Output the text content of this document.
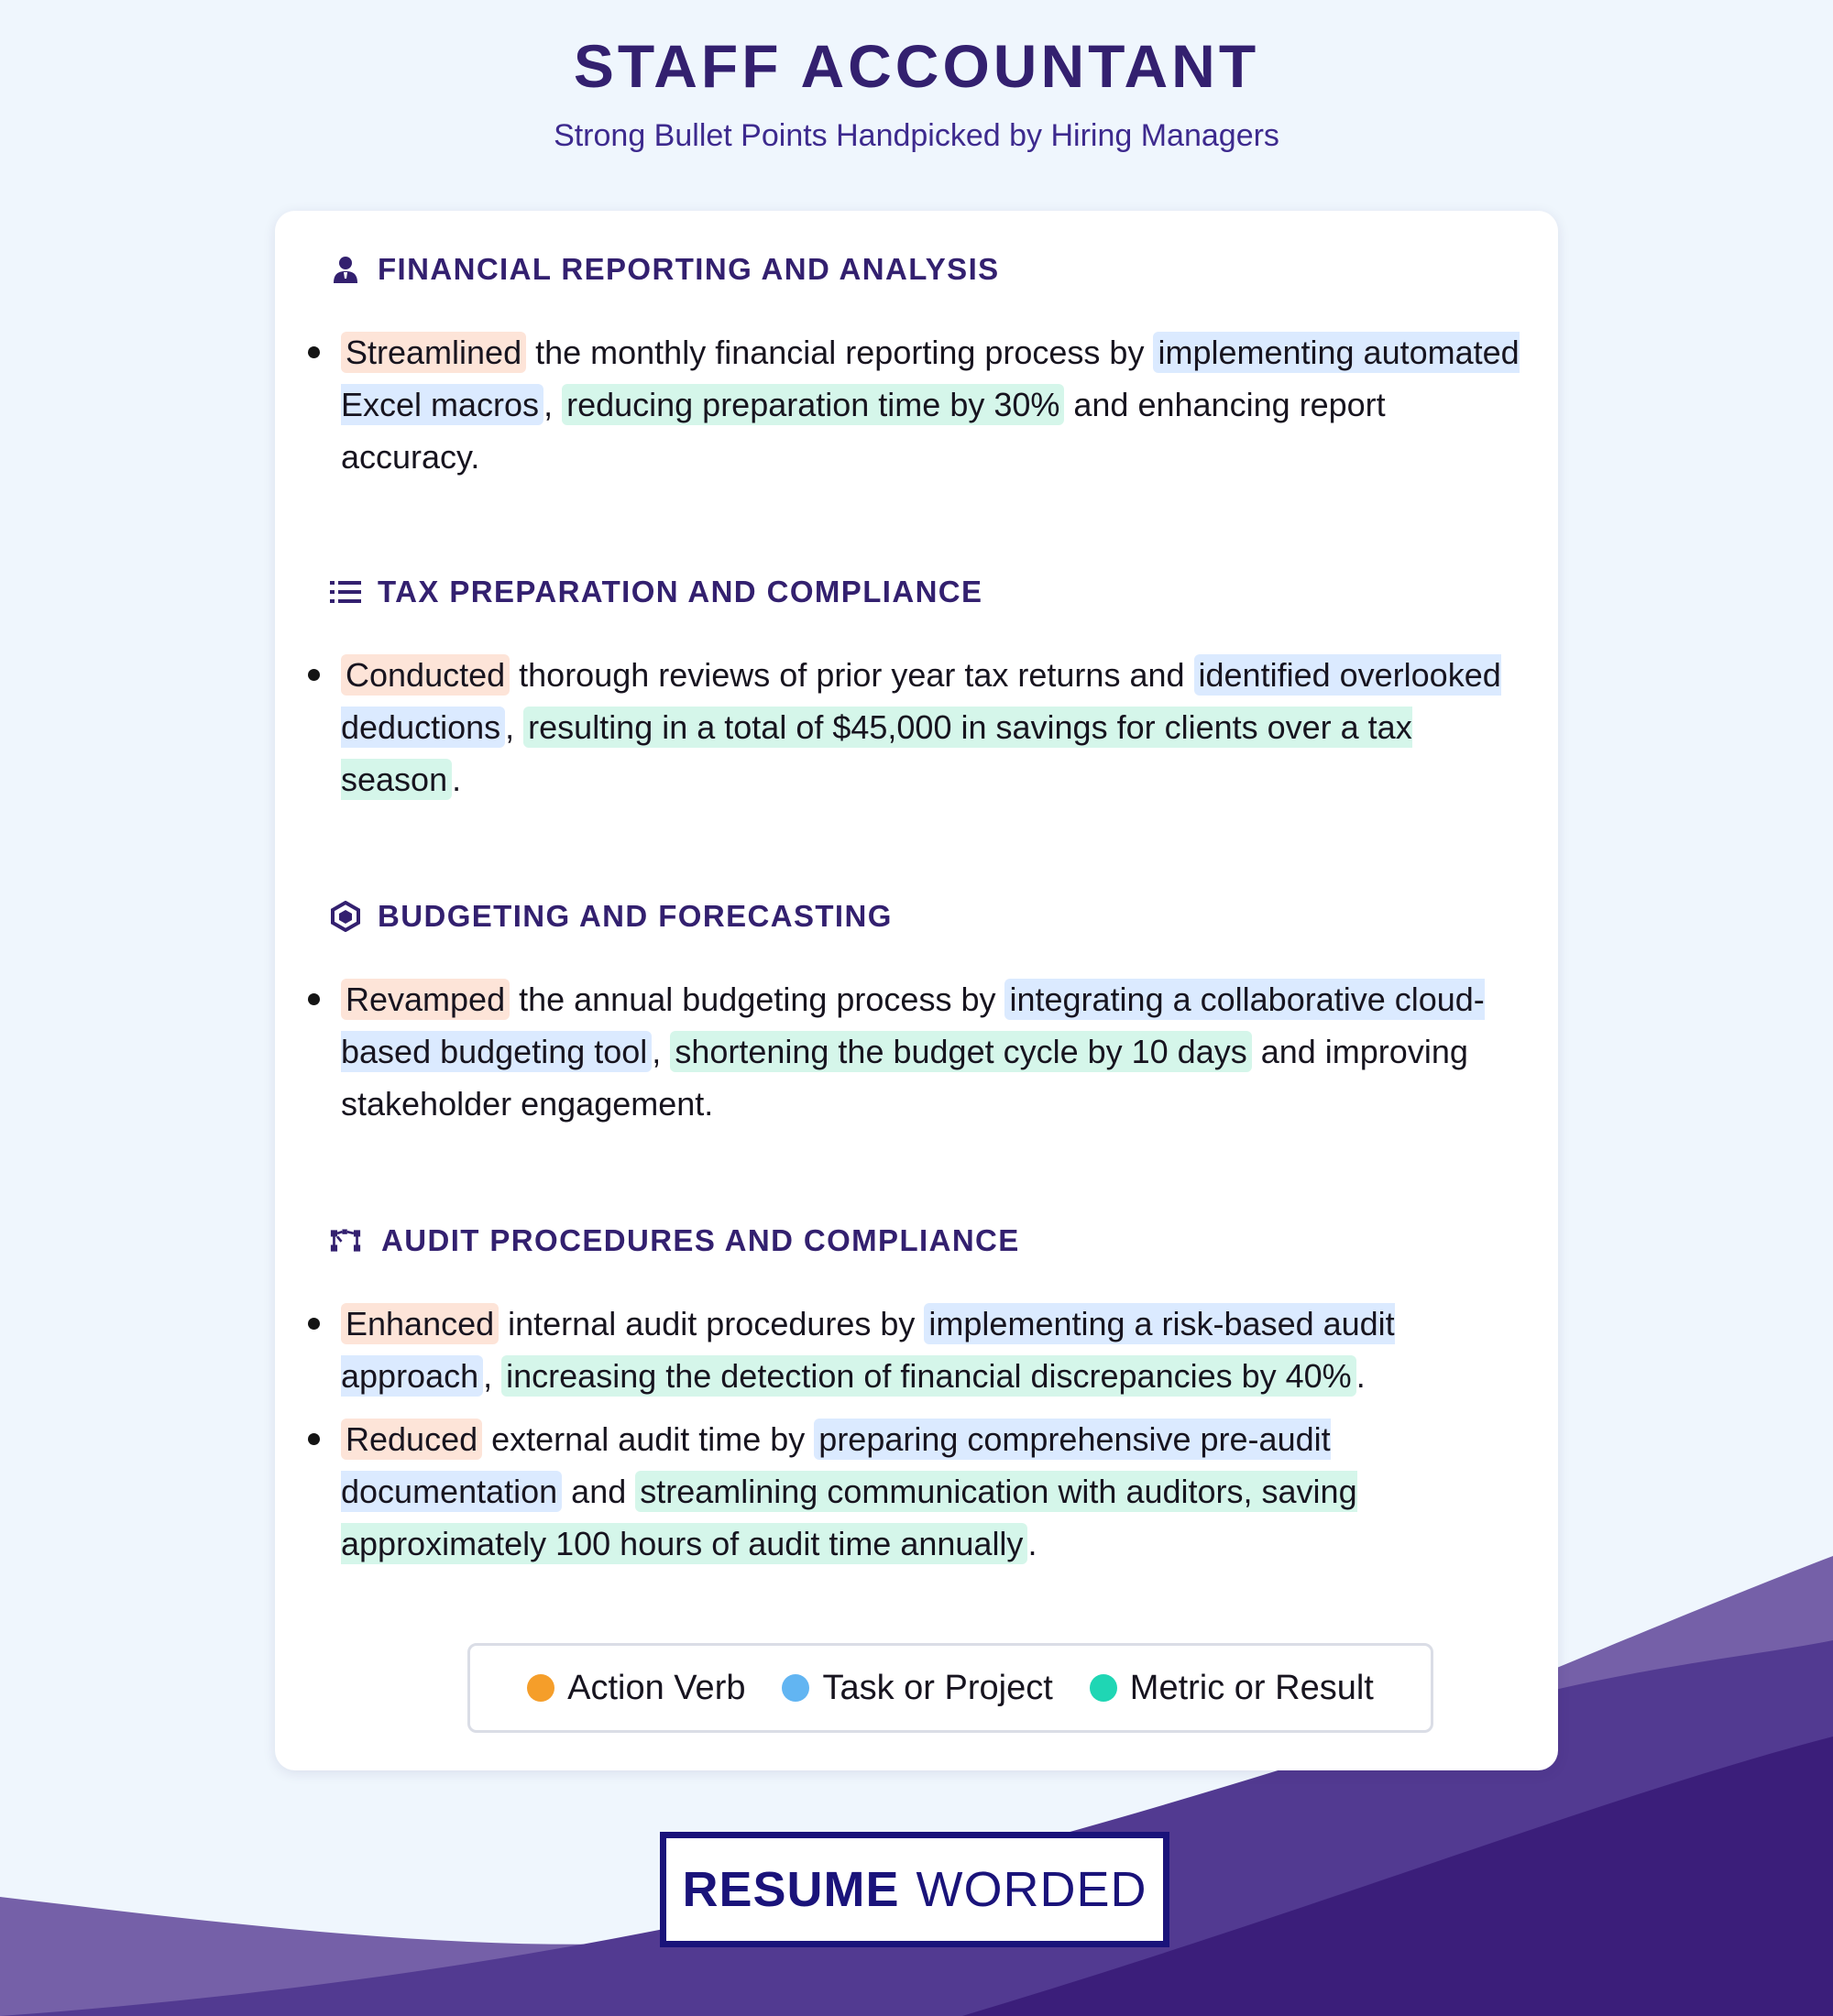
STAFF ACCOUNTANT
Strong Bullet Points Handpicked by Hiring Managers
FINANCIAL REPORTING AND ANALYSIS
Streamlined the monthly financial reporting process by implementing automated Excel macros , reducing preparation time by 30% and enhancing report accuracy.
TAX PREPARATION AND COMPLIANCE
Conducted thorough reviews of prior year tax returns and identified overlooked deductions , resulting in a total of $45,000 in savings for clients over a tax season .
BUDGETING AND FORECASTING
Revamped the annual budgeting process by integrating a collaborative cloud-based budgeting tool , shortening the budget cycle by 10 days and improving stakeholder engagement.
AUDIT PROCEDURES AND COMPLIANCE
Enhanced internal audit procedures by implementing a risk-based audit approach , increasing the detection of financial discrepancies by 40% .
Reduced external audit time by preparing comprehensive pre-audit documentation and streamlining communication with auditors, saving approximately 100 hours of audit time annually .
Action Verb Task or Project Metric or Result
RESUME WORDED
